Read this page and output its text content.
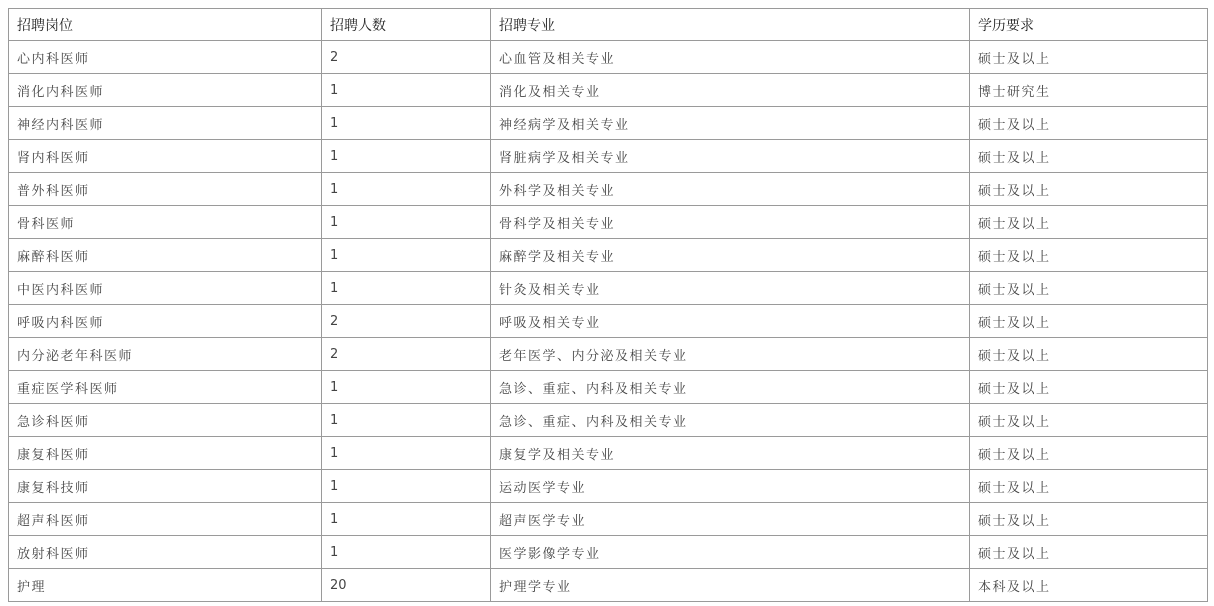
招聘岗位	招聘人数	招聘专业	学历要求
心内科医师	2	心血管及相关专业	硕士及以上
消化内科医师	1	消化及相关专业	博士研究生
神经内科医师	1	神经病学及相关专业	硕士及以上
肾内科医师	1	肾脏病学及相关专业	硕士及以上
普外科医师	1	外科学及相关专业	硕士及以上
骨科医师	1	骨科学及相关专业	硕士及以上
麻醉科医师	1	麻醉学及相关专业	硕士及以上
中医内科医师	1	针灸及相关专业	硕士及以上
呼吸内科医师	2	呼吸及相关专业	硕士及以上
内分泌老年科医师	2	老年医学、内分泌及相关专业	硕士及以上
重症医学科医师	1	急诊、重症、内科及相关专业	硕士及以上
急诊科医师	1	急诊、重症、内科及相关专业	硕士及以上
康复科医师	1	康复学及相关专业	硕士及以上
康复科技师	1	运动医学专业	硕士及以上
超声科医师	1	超声医学专业	硕士及以上
放射科医师	1	医学影像学专业	硕士及以上
护理	20	护理学专业	本科及以上
